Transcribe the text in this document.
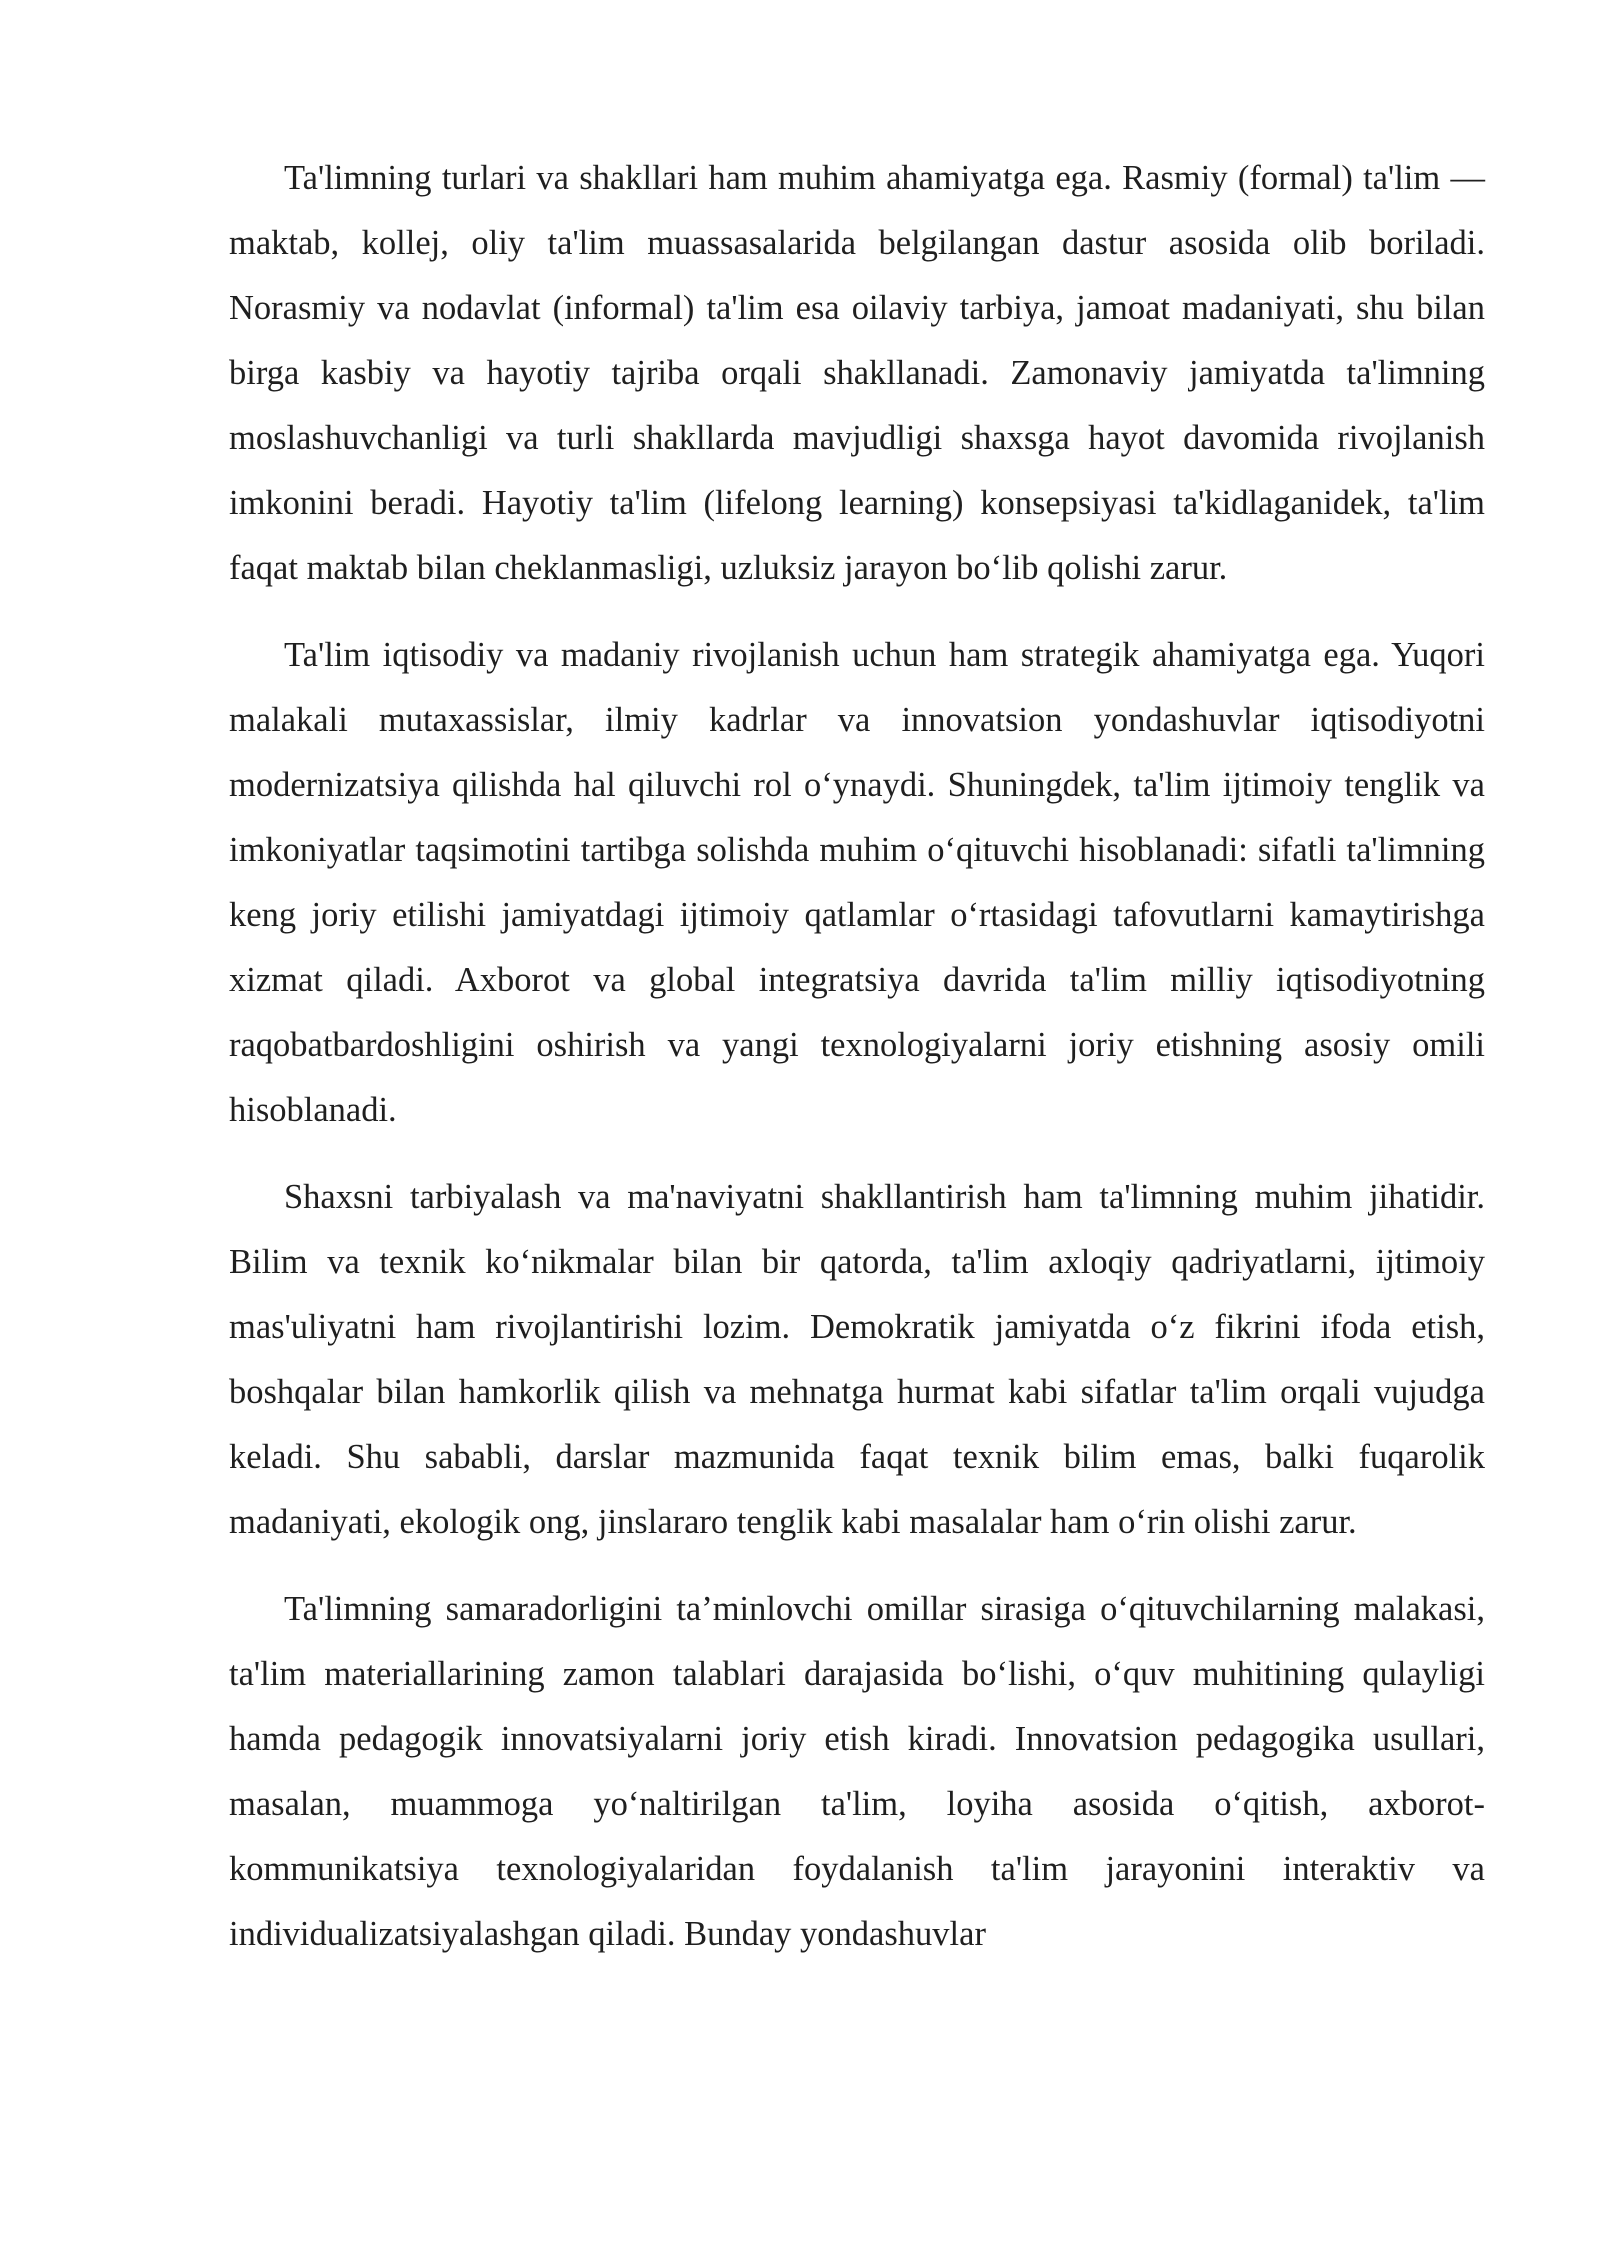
Ta'limning turlari va shakllari ham muhim ahamiyatga ega. Rasmiy (formal) ta'lim — maktab, kollej, oliy ta'lim muassasalarida belgilangan dastur asosida olib boriladi. Norasmiy va nodavlat (informal) ta'lim esa oilaviy tarbiya, jamoat madaniyati, shu bilan birga kasbiy va hayotiy tajriba orqali shakllanadi. Zamonaviy jamiyatda ta'limning moslashuvchanligi va turli shakllarda mavjudligi shaxsga hayot davomida rivojlanish imkonini beradi. Hayotiy ta'lim (lifelong learning) konsepsiyasi ta'kidlaganidek, ta'lim faqat maktab bilan cheklanmasligi, uzluksiz jarayon bo‘lib qolishi zarur.

Ta'lim iqtisodiy va madaniy rivojlanish uchun ham strategik ahamiyatga ega. Yuqori malakali mutaxassislar, ilmiy kadrlar va innovatsion yondashuvlar iqtisodiyotni modernizatsiya qilishda hal qiluvchi rol o‘ynaydi. Shuningdek, ta'lim ijtimoiy tenglik va imkoniyatlar taqsimotini tartibga solishda muhim o‘qituvchi hisoblanadi: sifatli ta'limning keng joriy etilishi jamiyatdagi ijtimoiy qatlamlar o‘rtasidagi tafovutlarni kamaytirishga xizmat qiladi. Axborot va global integratsiya davrida ta'lim milliy iqtisodiyotning raqobatbardoshligini oshirish va yangi texnologiyalarni joriy etishning asosiy omili hisoblanadi.

Shaxsni tarbiyalash va ma'naviyatni shakllantirish ham ta'limning muhim jihatidir. Bilim va texnik ko‘nikmalar bilan bir qatorda, ta'lim axloqiy qadriyatlarni, ijtimoiy mas'uliyatni ham rivojlantirishi lozim. Demokratik jamiyatda o‘z fikrini ifoda etish, boshqalar bilan hamkorlik qilish va mehnatga hurmat kabi sifatlar ta'lim orqali vujudga keladi. Shu sababli, darslar mazmunida faqat texnik bilim emas, balki fuqarolik madaniyati, ekologik ong, jinslararo tenglik kabi masalalar ham o‘rin olishi zarur.

Ta'limning samaradorligini ta’minlovchi omillar sirasiga o‘qituvchilarning malakasi, ta'lim materiallarining zamon talablari darajasida bo‘lishi, o‘quv muhitining qulayligi hamda pedagogik innovatsiyalarni joriy etish kiradi. Innovatsion pedagogika usullari, masalan, muammoga yo‘naltirilgan ta'lim, loyiha asosida o‘qitish, axborot-kommunikatsiya texnologiyalaridan foydalanish ta'lim jarayonini interaktiv va individualizatsiyalashgan qiladi. Bunday yondashuvlar
